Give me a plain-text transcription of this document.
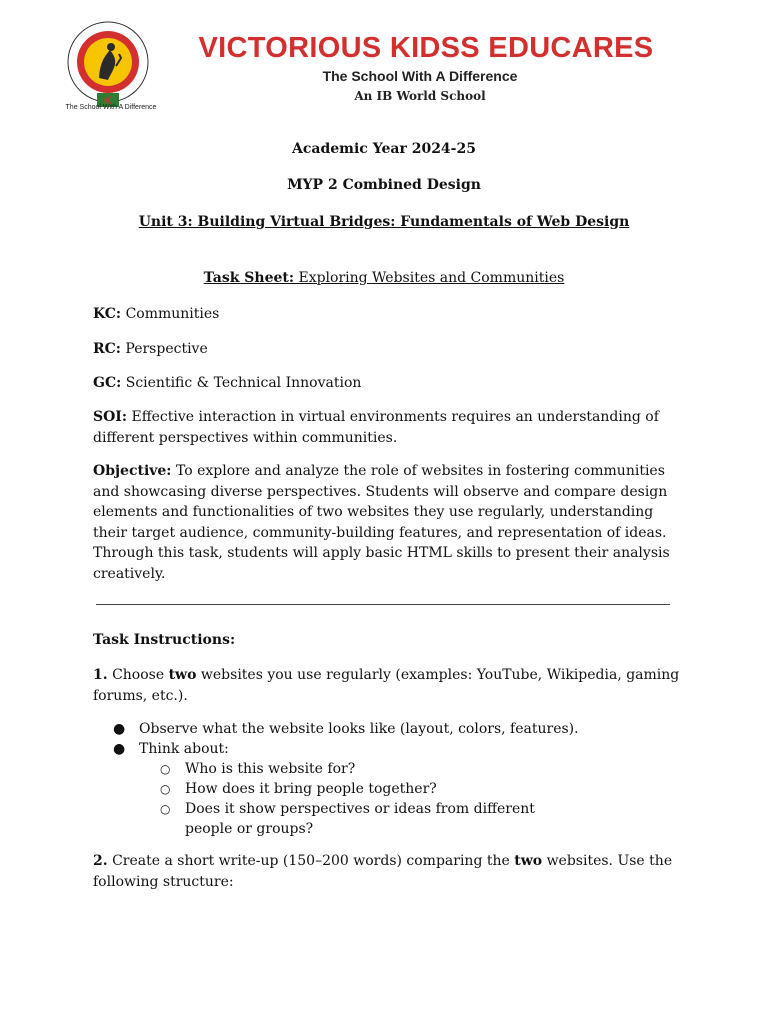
K
The School With A Difference
VICTORIOUS KIDSS EDUCARES
The School With A Difference
An IB World School
Academic Year 2024-25
MYP 2 Combined Design
Unit 3: Building Virtual Bridges: Fundamentals of Web Design
Task Sheet: Exploring Websites and Communities
KC: Communities
RC: Perspective
GC: Scientific & Technical Innovation
SOI: Effective interaction in virtual environments requires an understanding of different perspectives within communities.
Objective: To explore and analyze the role of websites in fostering communities and showcasing diverse perspectives. Students will observe and compare design elements and functionalities of two websites they use regularly, understanding their target audience, community-building features, and representation of ideas. Through this task, students will apply basic HTML skills to present their analysis creatively.
Task Instructions:
1. Choose two websites you use regularly (examples: YouTube, Wikipedia, gaming forums, etc.).
● Observe what the website looks like (layout, colors, features).
● Think about:
○ Who is this website for?
○ How does it bring people together?
○ Does it show perspectives or ideas from different people or groups?
2. Create a short write-up (150–200 words) comparing the two websites. Use the following structure:
